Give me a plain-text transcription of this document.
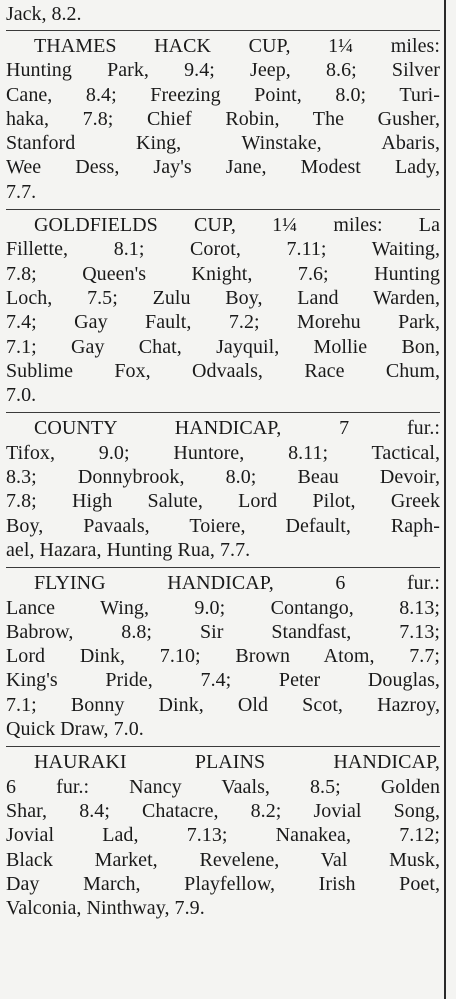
Jack, 8.2.

THAMES HACK CUP, 1¼ miles:
Hunting Park, 9.4; Jeep, 8.6; Silver
Cane, 8.4; Freezing Point, 8.0; Turi-
haka, 7.8; Chief Robin, The Gusher,
Stanford King, Winstake, Abaris,
Wee Dess, Jay's Jane, Modest Lady,
7.7.
GOLDFIELDS CUP, 1¼ miles: La
Fillette, 8.1; Corot, 7.11; Waiting,
7.8; Queen's Knight, 7.6; Hunting
Loch, 7.5; Zulu Boy, Land Warden,
7.4; Gay Fault, 7.2; Morehu Park,
7.1; Gay Chat, Jayquil, Mollie Bon,
Sublime Fox, Odvaals, Race Chum,
7.0.
COUNTY HANDICAP, 7 fur.:
Tifox, 9.0; Huntore, 8.11; Tactical,
8.3; Donnybrook, 8.0; Beau Devoir,
7.8; High Salute, Lord Pilot, Greek
Boy, Pavaals, Toiere, Default, Raph-
ael, Hazara, Hunting Rua, 7.7.
FLYING HANDICAP, 6 fur.:
Lance Wing, 9.0; Contango, 8.13;
Babrow, 8.8; Sir Standfast, 7.13;
Lord Dink, 7.10; Brown Atom, 7.7;
King's Pride, 7.4; Peter Douglas,
7.1; Bonny Dink, Old Scot, Hazroy,
Quick Draw, 7.0.
HAURAKI PLAINS HANDICAP,
6 fur.: Nancy Vaals, 8.5; Golden
Shar, 8.4; Chatacre, 8.2; Jovial Song,
Jovial Lad, 7.13; Nanakea, 7.12;
Black Market, Revelene, Val Musk,
Day March, Playfellow, Irish Poet,
Valconia, Ninthway, 7.9.
